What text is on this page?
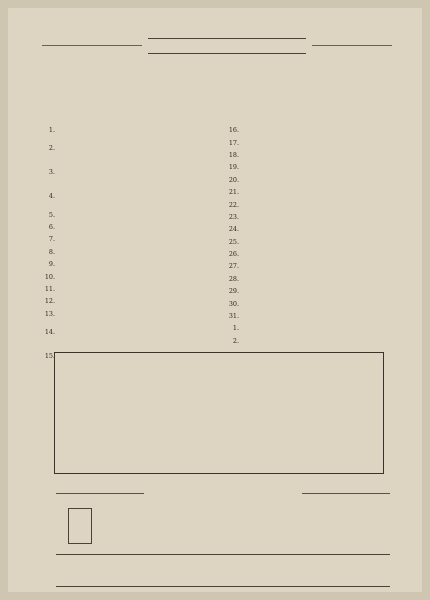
1.
2.
3.
4.
5.
6.
7.
8.
9.
10.
11.
12.
13.
14.
15.
16.
17.
18.
19.
20.
21.
22.
23.
24.
25.
26.
27.
28.
29.
30.
31.
1.
2.
